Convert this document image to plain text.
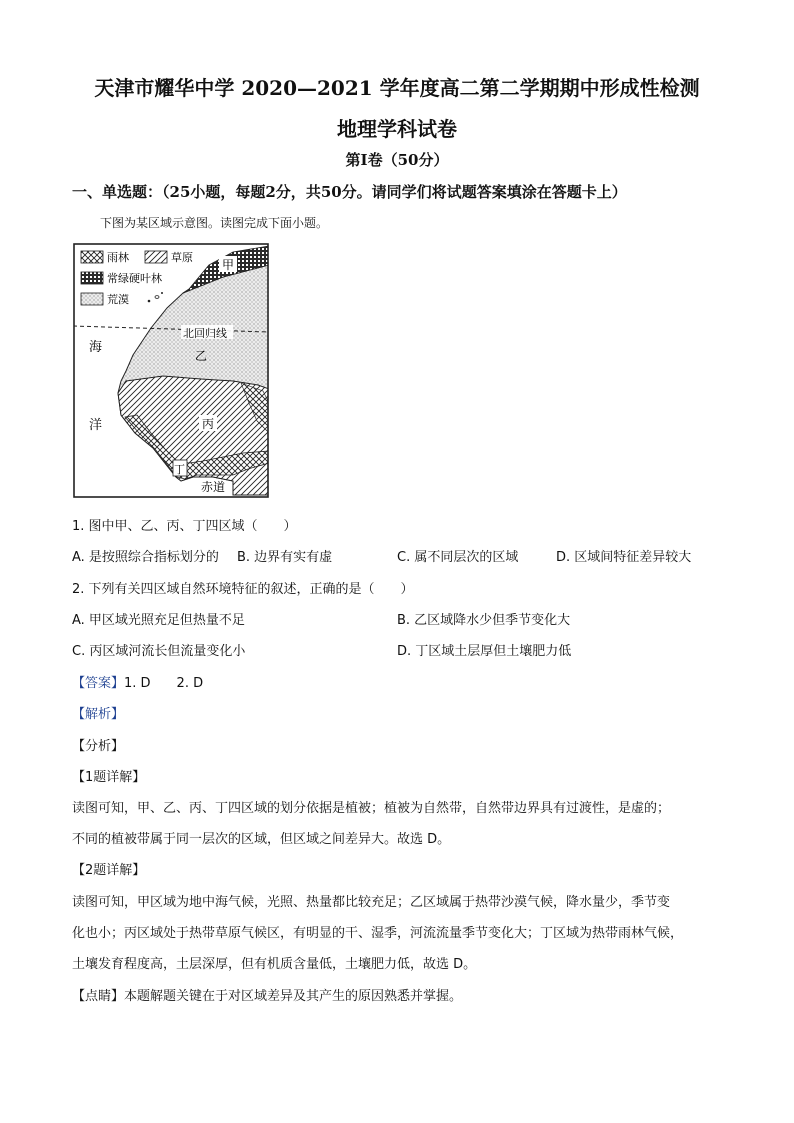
天津市耀华中学 2020—2021 学年度高二第二学期期中形成性检测
地理学科试卷
第Ⅰ卷（50分）
一、单选题：（25小题，每题2分，共50分。请同学们将试题答案填涂在答题卡上）
下图为某区域示意图。读图完成下面小题。
雨林	草原
常绿硬叶林
荒漠
甲
北回归线
乙
丙
丁
赤道
海
洋
1. 图中甲、乙、丙、丁四区域（　　）
A. 是按照综合指标划分的 B. 边界有实有虚	C. 属不同层次的区域	D. 区域间特征差异较大
2. 下列有关四区域自然环境特征的叙述，正确的是（　　）
A. 甲区域光照充足但热量不足	B. 乙区域降水少但季节变化大
C. 丙区域河流长但流量变化小	D. 丁区域土层厚但土壤肥力低
【答案】1. D　　2. D
【解析】
【分析】
【1题详解】
读图可知，甲、乙、丙、丁四区域的划分依据是植被；植被为自然带，自然带边界具有过渡性，是虚的；
不同的植被带属于同一层次的区域，但区域之间差异大。故选 D。
【2题详解】
读图可知，甲区域为地中海气候，光照、热量都比较充足；乙区域属于热带沙漠气候，降水量少，季节变
化也小；丙区域处于热带草原气候区，有明显的干、湿季，河流流量季节变化大；丁区域为热带雨林气候，
土壤发育程度高，土层深厚，但有机质含量低，土壤肥力低，故选 D。
【点睛】本题解题关键在于对区域差异及其产生的原因熟悉并掌握。
